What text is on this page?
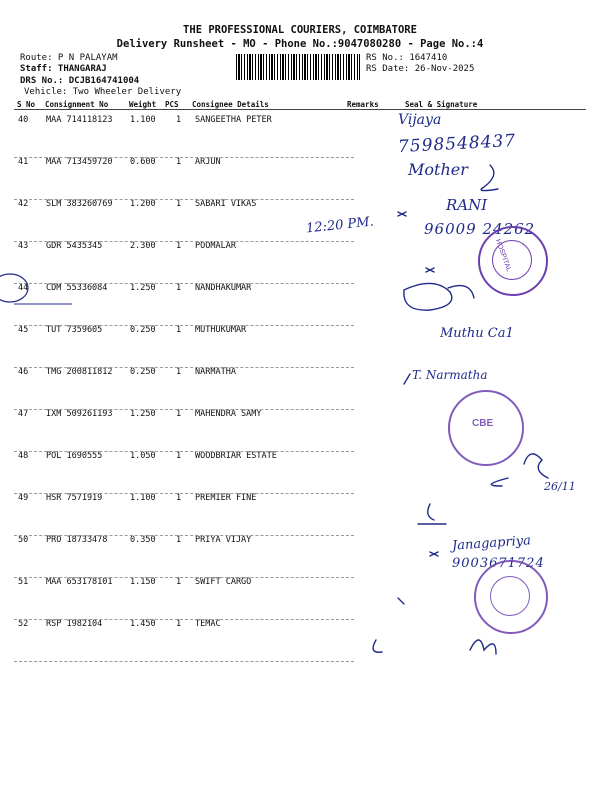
THE PROFESSIONAL COURIERS, COIMBATORE
Delivery Runsheet - MO - Phone No.:9047080280 - Page No.:4
Route: P N PALAYAM
Staff: THANGARAJ
DRS No.: DCJB164741004
Vehicle: Two Wheeler Delivery
RS No.: 1647410
RS Date: 26-Nov-2025
S No Consignment No	Weight PCS Consignee Details	Remarks	Seal & Signature
40 MAA 714118123 1.100 1 SANGEETHA PETER
41 MAA 713459720 0.600 1 ARJUN
42 SLM 383260769 1.200 1 SABARI VIKAS
43 GDR 5435345	2.300 1 POOMALAR
44 CDM 55336084	1.250 1 NANDHAKUMAR
45 TUT 7359605	0.250 1 MUTHUKUMAR
46 TMG 200811812 0.250 1 NARMATHA
47 IXM 509261193 1.250 1 MAHENDRA SAMY
48 POL 1690555	1.050 1 WOODBRIAR ESTATE
49 HSR 7571919	1.100 1 PREMIER FINE
50 PRO 18733478	0.350 1 PRIYA VIJAY
51 MAA 653178101 1.150 1 SWIFT CARGO
52 RSP 1982104	1.450 1 TEMAC
Vijaya
7598548437
Mother
12:20 PM.
RANI
96009 24262
Muthu Ca1
T. Narmatha
26/11
Janagapriya
9003671724
HOSPITAL
CBE
